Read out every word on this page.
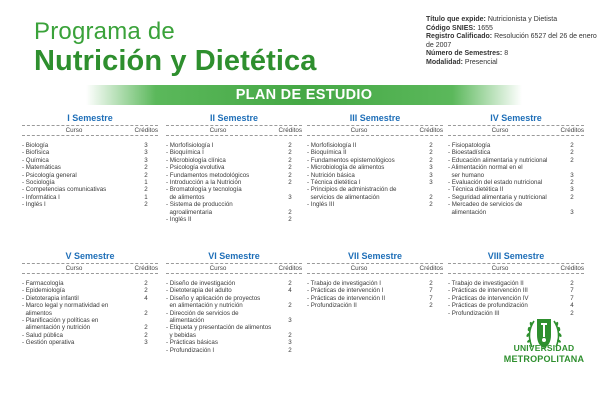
Programa de
Nutrición y Dietética
Título que expide: Nutricionista y Dietista
Código SNIES: 1655
Registro Calificado: Resolución 6527 del 26 de enero de 2007
Número de Semestres: 8
Modalidad: Presencial
PLAN DE ESTUDIO
I Semestre
Curso	Créditos
- Biología	3
- Biofísica	3
- Química	3
- Matemáticas	2
- Psicología general	2
- Sociología	1
- Competencias comunicativas	2
- Informática I	1
- Inglés I	2
II Semestre
Curso	Créditos
- Morfofisiología I	2
- Bioquímica I	2
- Microbiología clínica	2
- Psicología evolutiva	2
- Fundamentos metodológicos	2
- Introducción a la Nutrición	2
- Bromatología y tecnología
de alimentos	3
- Sistema de producción
agroalimentaria	2
- Inglés II	2
III Semestre
Curso	Créditos
- Morfofisiología II	2
- Bioquímica II	2
- Fundamentos epistemológicos	2
- Microbiología de alimentos	3
- Nutrición básica	3
- Técnica dietética I	3
- Principios de administración de
servicios de alimentación	2
- Inglés III	2
IV Semestre
Curso	Créditos
- Fisiopatología	2
- Bioestadística	2
- Educación alimentaria y nutricional	2
- Alimentación normal en el
ser humano	3
- Evaluación del estado nutricional	2
- Técnica dietética II	3
- Seguridad alimentaria y nutricional	2
- Mercadeo de servicios de
alimentación	3
V Semestre
Curso	Créditos
- Farmacología	2
- Epidemiología	2
- Dietoterapia infantil	4
- Marco legal y normatividad en
alimentos	2
- Planificación y políticas en
alimentación y nutrición	2
- Salud pública	2
- Gestión operativa	3
VI Semestre
Curso	Créditos
- Diseño de investigación	2
- Dietoterapia del adulto	4
- Diseño y aplicación de proyectos
en alimentación y nutrición	2
- Dirección de servicios de
alimentación	3
- Etiqueta y presentación de alimentos
y bebidas	2
- Prácticas básicas	3
- Profundización I	2
VII Semestre
Curso	Créditos
- Trabajo de investigación I	2
- Prácticas de intervención I	7
- Prácticas de intervención II	7
- Profundización II	2
VIII Semestre
Curso	Créditos
- Trabajo de investigación II	2
- Prácticas de intervención III	7
- Prácticas de intervención IV	7
- Prácticas de profundización	4
- Profundización III	2
UNIVERSIDAD
METROPOLITANA
